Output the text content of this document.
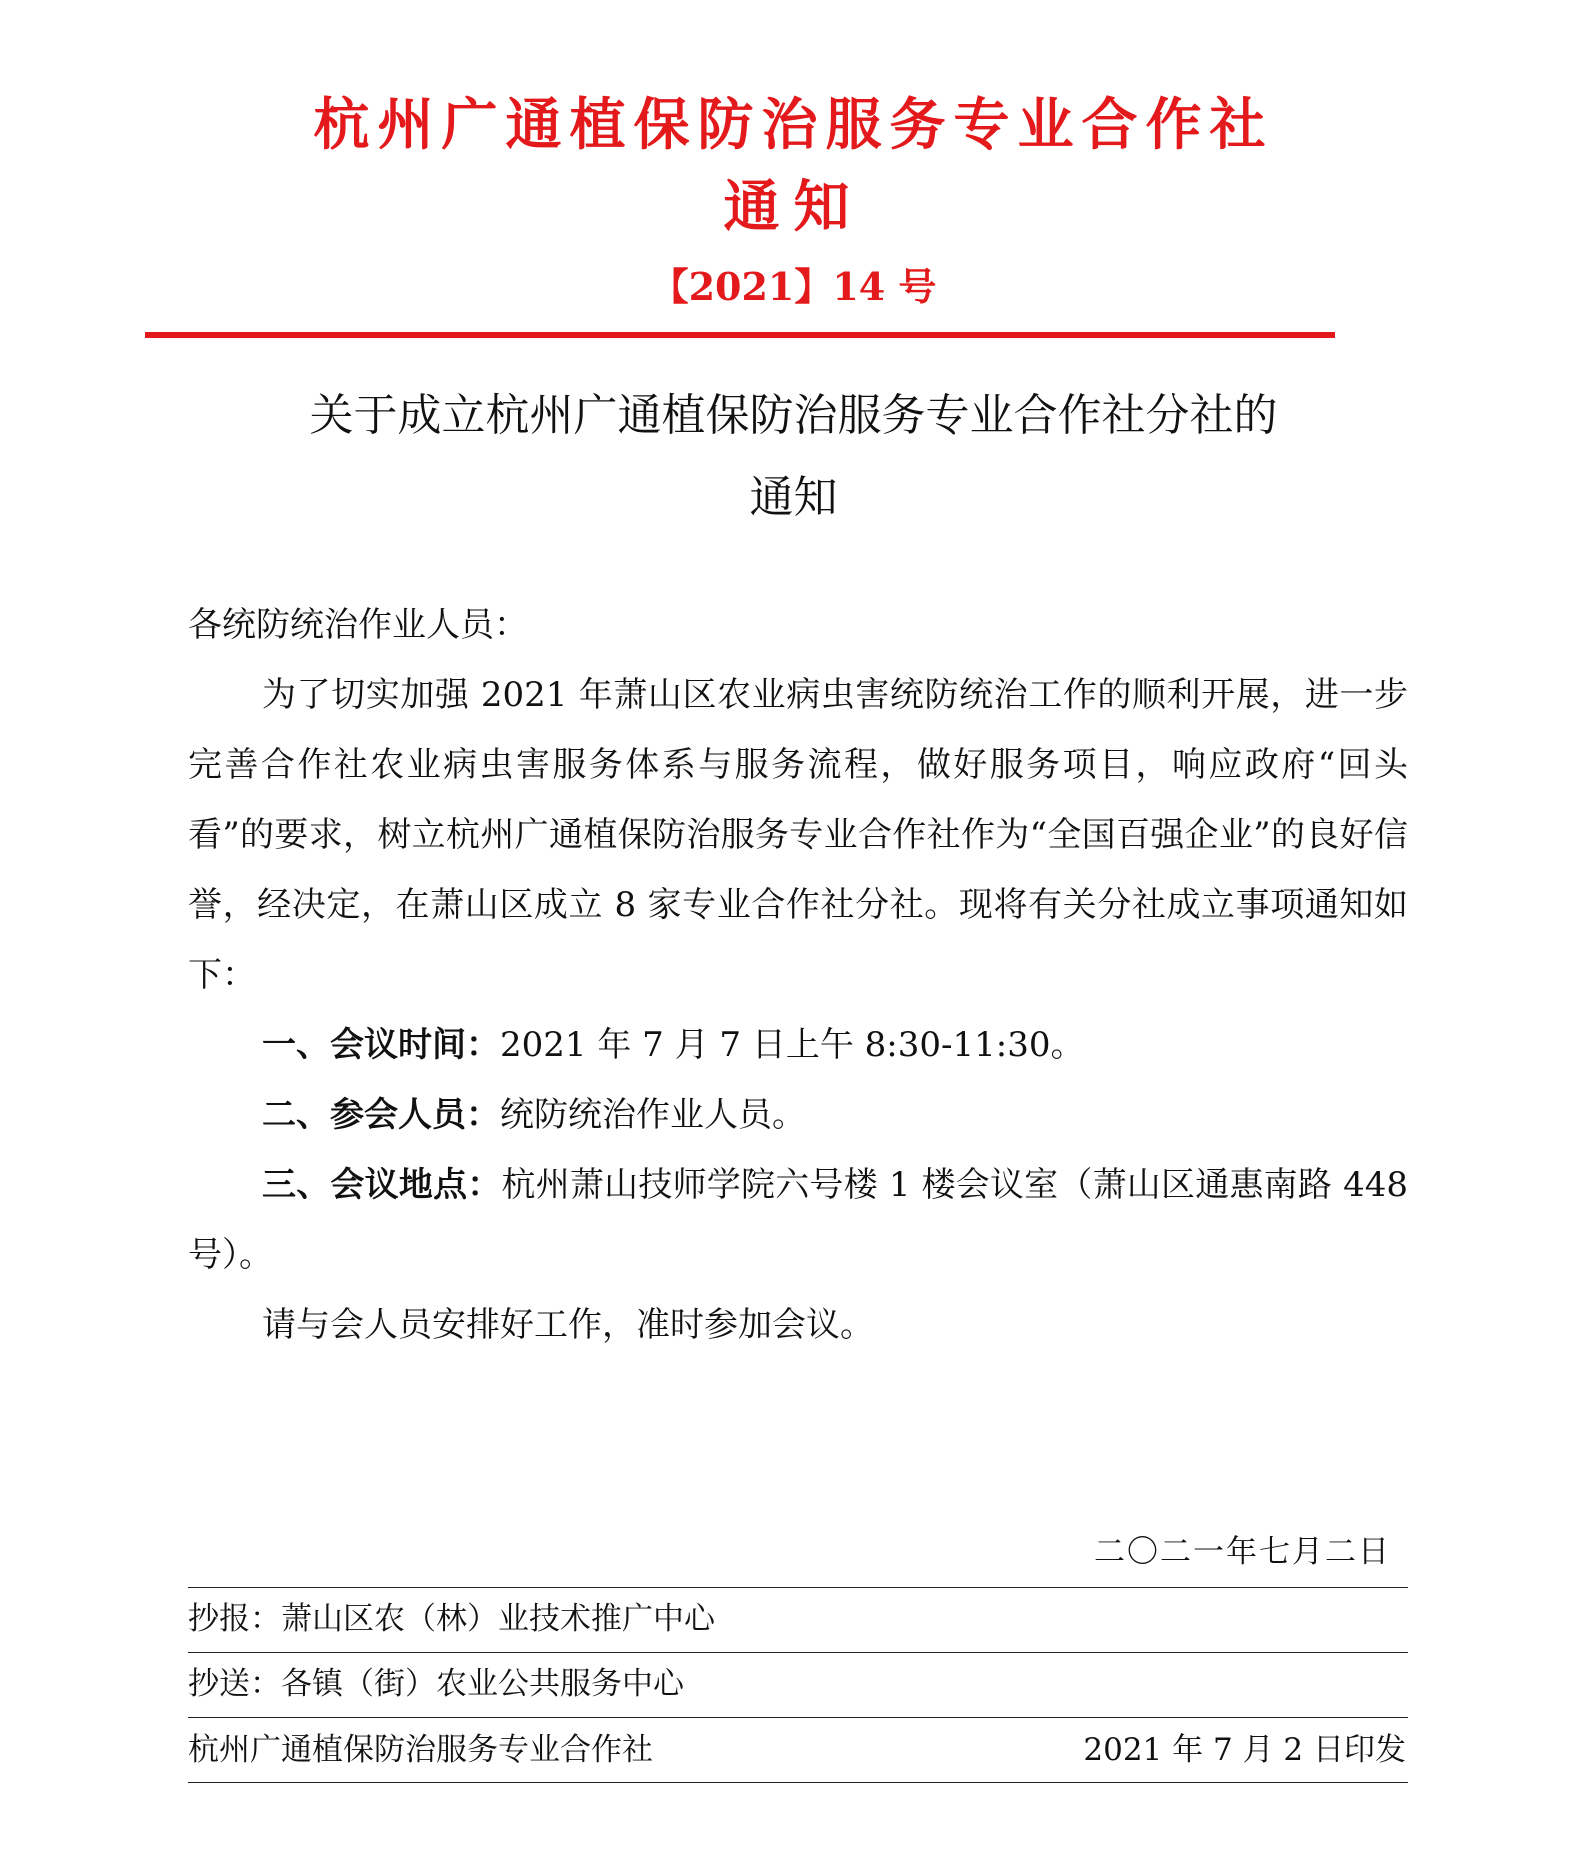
杭州广通植保防治服务专业合作社
通知
【2021】14 号
关于成立杭州广通植保防治服务专业合作社分社的
通知
各统防统治作业人员：

为了切实加强 2021 年萧山区农业病虫害统防统治工作的顺利开展，进一步完善合作社农业病虫害服务体系与服务流程，做好服务项目，响应政府“回头看”的要求，树立杭州广通植保防治服务专业合作社作为“全国百强企业”的良好信誉，经决定，在萧山区成立 8 家专业合作社分社。现将有关分社成立事项通知如下：

一、会议时间：2021 年 7 月 7 日上午 8:30-11:30。

二、参会人员：统防统治作业人员。

三、会议地点：杭州萧山技师学院六号楼 1 楼会议室（萧山区通惠南路 448 号）。

请与会人员安排好工作，准时参加会议。
二〇二一年七月二日
抄报：萧山区农（林）业技术推广中心
抄送：各镇（街）农业公共服务中心
杭州广通植保防治服务专业合作社	2021 年 7 月 2 日印发
